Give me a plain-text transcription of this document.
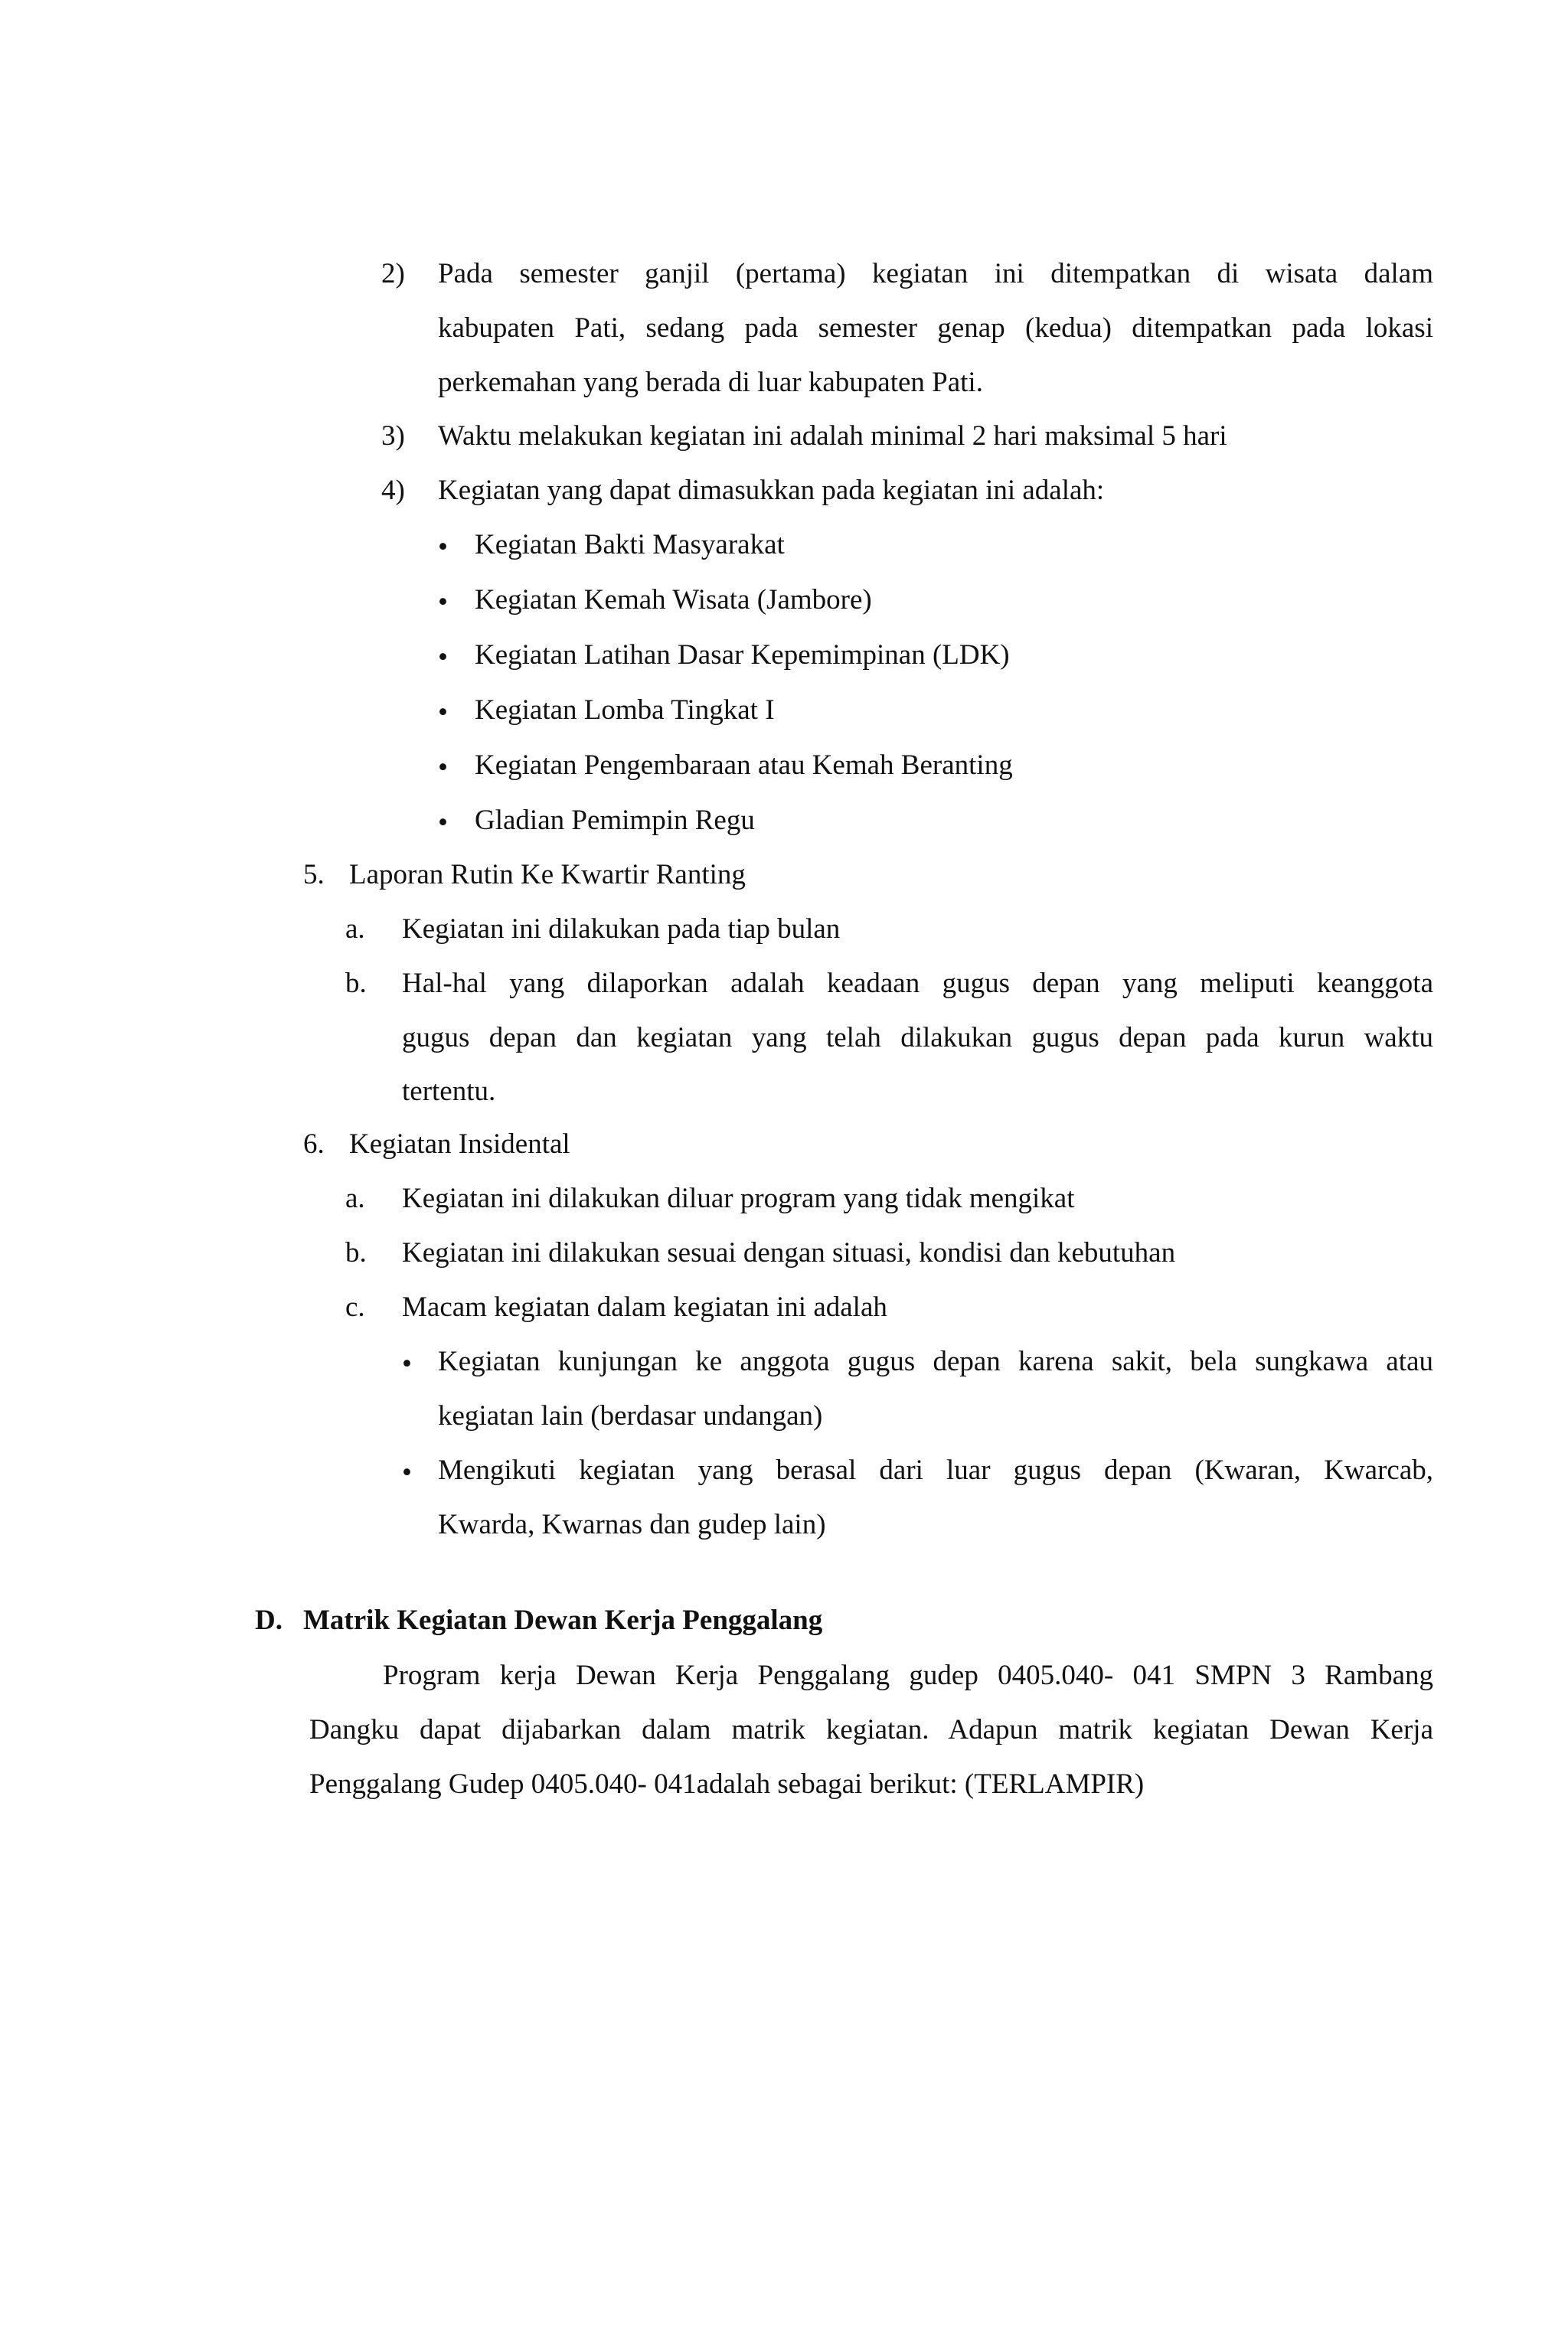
2) Pada semester ganjil (pertama) kegiatan ini ditempatkan di wisata dalam
kabupaten Pati, sedang pada semester genap (kedua) ditempatkan pada lokasi
perkemahan yang berada di luar kabupaten Pati.
3) Waktu melakukan kegiatan ini adalah minimal 2 hari maksimal 5 hari
4) Kegiatan yang dapat dimasukkan pada kegiatan ini adalah:
• Kegiatan Bakti Masyarakat
• Kegiatan Kemah Wisata (Jambore)
• Kegiatan Latihan Dasar Kepemimpinan (LDK)
• Kegiatan Lomba Tingkat I
• Kegiatan Pengembaraan atau Kemah Beranting
• Gladian Pemimpin Regu
5. Laporan Rutin Ke Kwartir Ranting
a. Kegiatan ini dilakukan pada tiap bulan
b. Hal-hal yang dilaporkan adalah keadaan gugus depan yang meliputi keanggota
gugus depan dan kegiatan yang telah dilakukan gugus depan pada kurun waktu
tertentu.
6. Kegiatan Insidental
a. Kegiatan ini dilakukan diluar program yang tidak mengikat
b. Kegiatan ini dilakukan sesuai dengan situasi, kondisi dan kebutuhan
c. Macam kegiatan dalam kegiatan ini adalah
• Kegiatan kunjungan ke anggota gugus depan karena sakit, bela sungkawa atau
kegiatan lain (berdasar undangan)
• Mengikuti kegiatan yang berasal dari luar gugus depan (Kwaran, Kwarcab,
Kwarda, Kwarnas dan gudep lain)
D. Matrik Kegiatan Dewan Kerja Penggalang
Program kerja Dewan Kerja Penggalang gudep 0405.040- 041 SMPN 3 Rambang
Dangku dapat dijabarkan dalam matrik kegiatan. Adapun matrik kegiatan Dewan Kerja
Penggalang Gudep 0405.040- 041adalah sebagai berikut: (TERLAMPIR)
